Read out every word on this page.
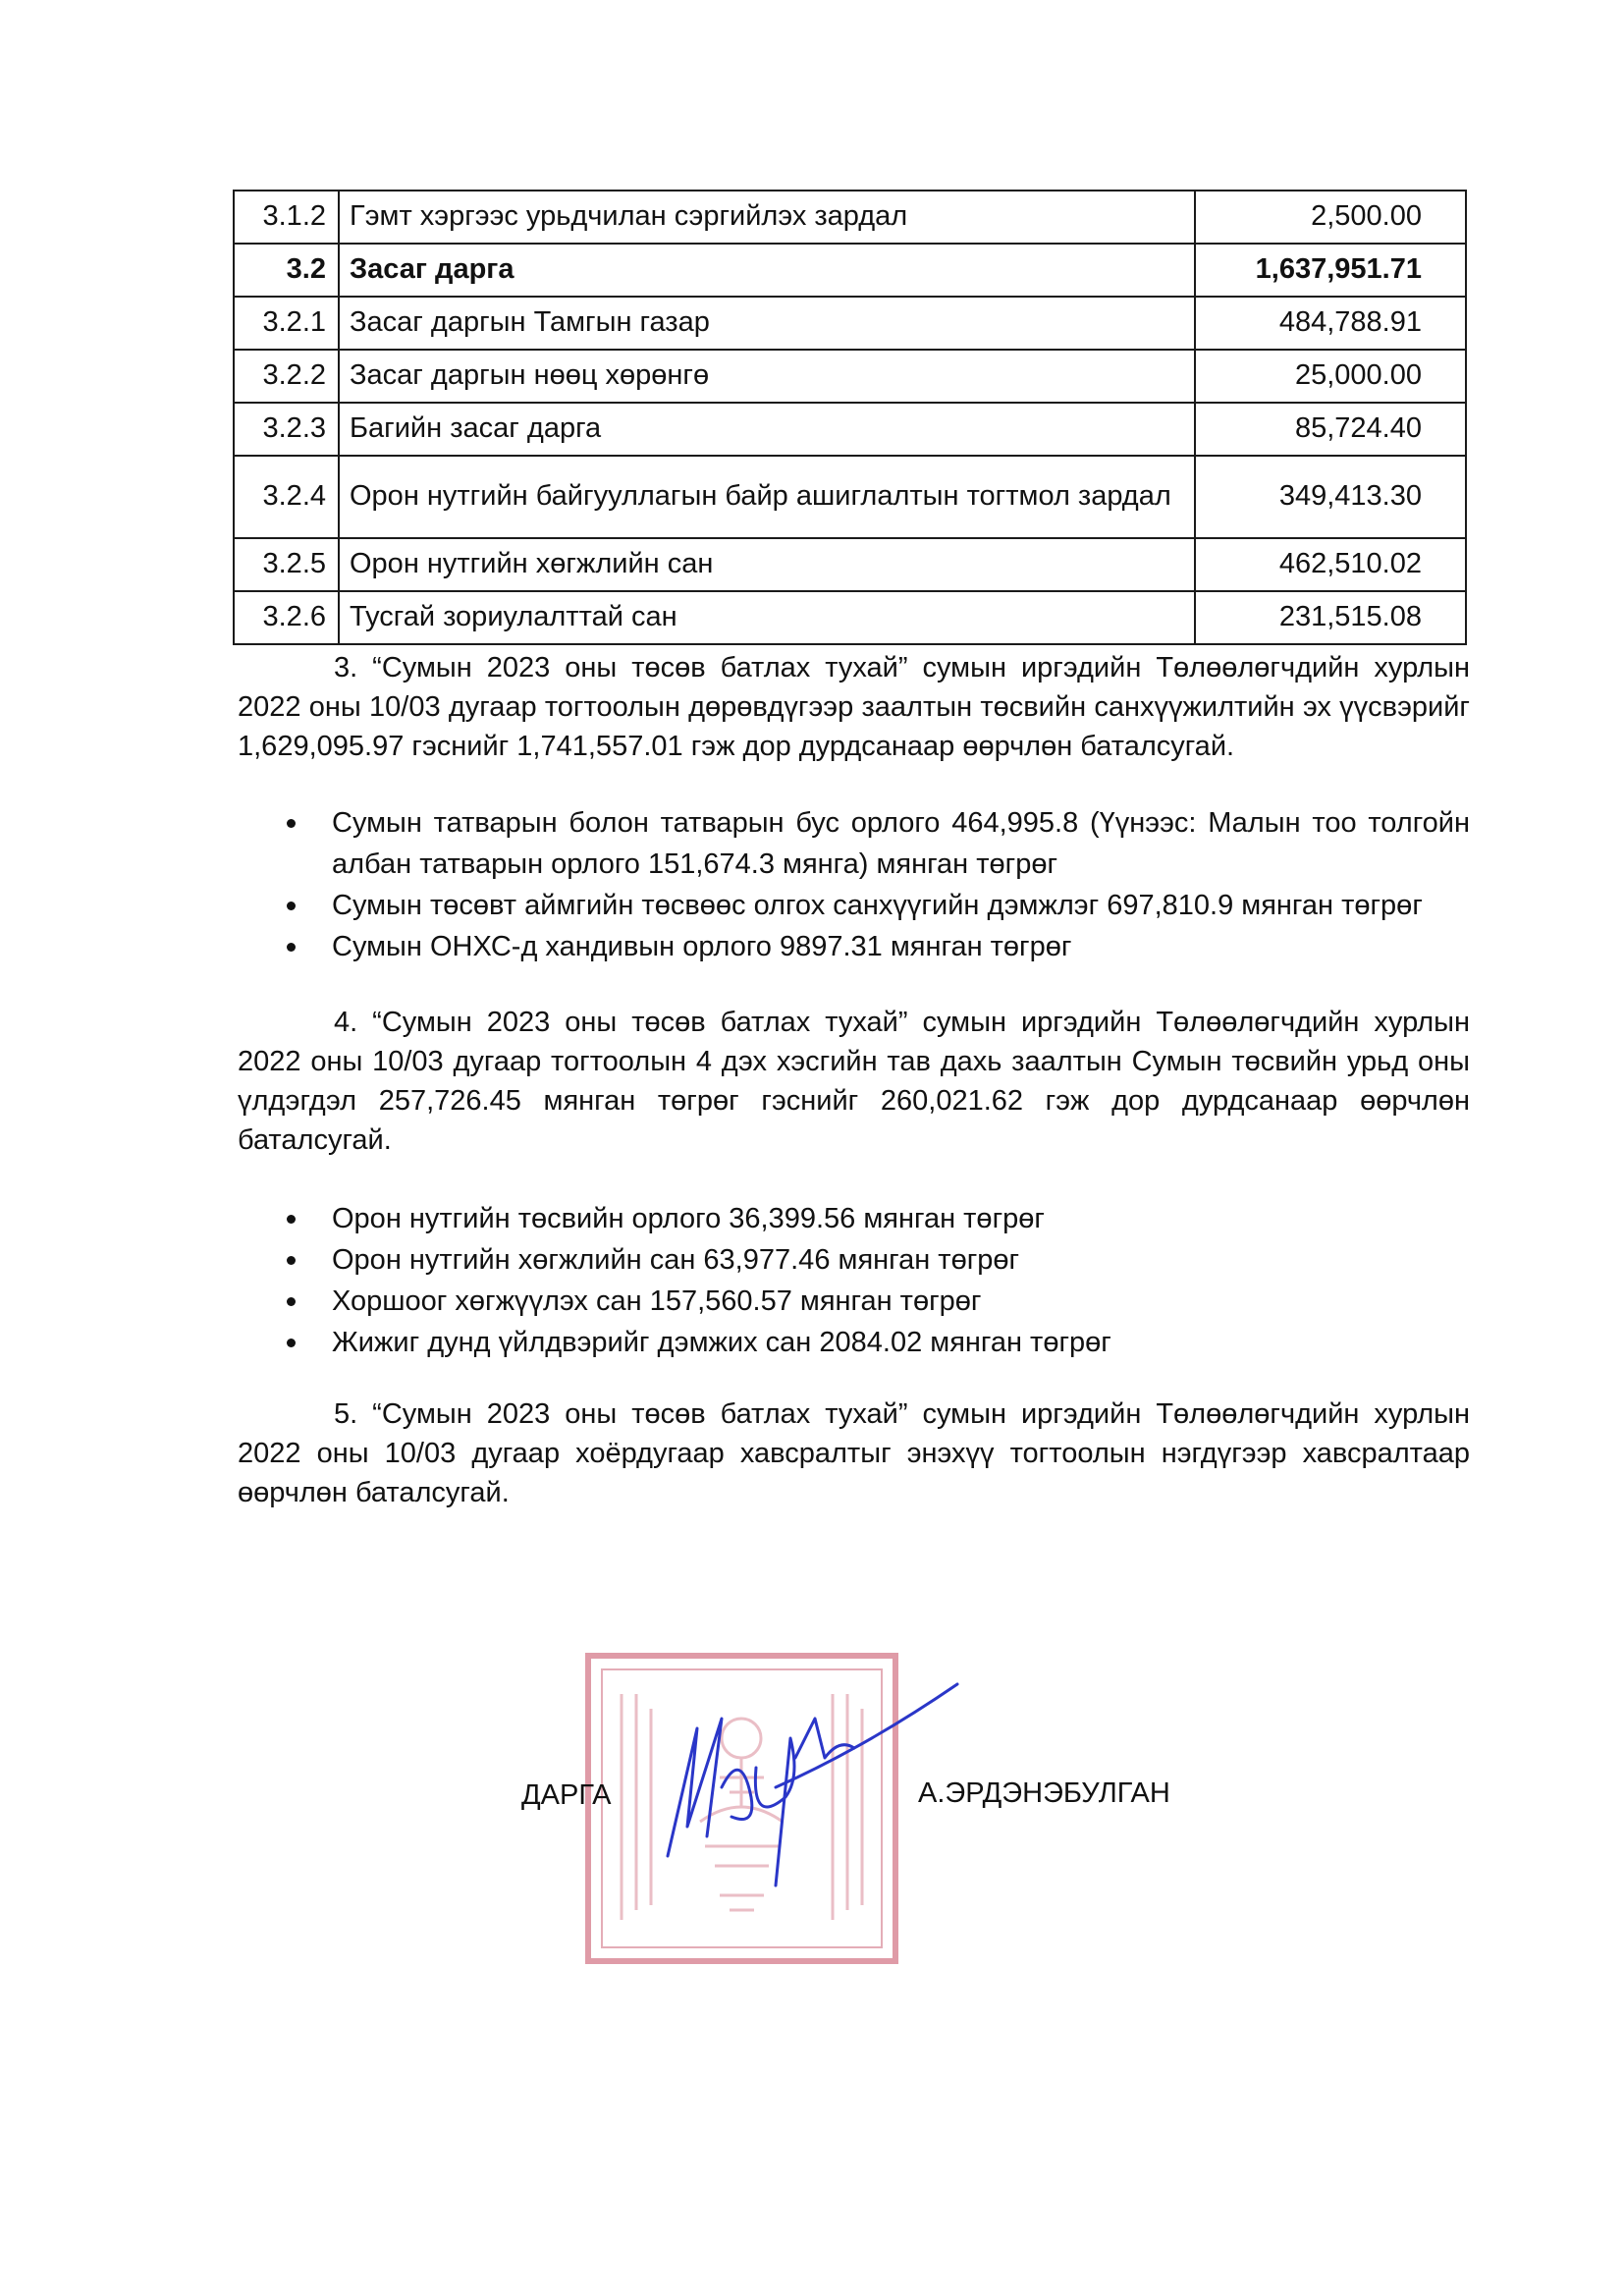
3.1.2	Гэмт хэргээс урьдчилан сэргийлэх зардал	2,500.00
3.2	Засаг дарга	1,637,951.71
3.2.1	Засаг даргын Тамгын газар	484,788.91
3.2.2	Засаг даргын нөөц хөрөнгө	25,000.00
3.2.3	Багийн засаг дарга	85,724.40
3.2.4	Орон нутгийн байгууллагын байр ашиглалтын тогтмол зардал	349,413.30
3.2.5	Орон нутгийн хөгжлийн сан	462,510.02
3.2.6	Тусгай зориулалттай сан	231,515.08

3. “Сумын 2023 оны төсөв батлах тухай” сумын иргэдийн Төлөөлөгчдийн хурлын 2022 оны 10/03 дугаар тогтоолын дөрөвдүгээр заалтын төсвийн санхүүжилтийн эх үүсвэрийг 1,629,095.97 гэснийг 1,741,557.01 гэж дор дурдсанаар өөрчлөн баталсугай.

Сумын татварын болон татварын бус орлого 464,995.8 (Үүнээс: Малын тоо толгойн албан татварын орлого 151,674.3 мянга) мянган төгрөг
Сумын төсөвт аймгийн төсвөөс олгох санхүүгийн дэмжлэг 697,810.9 мянган төгрөг
Сумын ОНХС-д хандивын орлого 9897.31 мянган төгрөг

4. “Сумын 2023 оны төсөв батлах тухай” сумын иргэдийн Төлөөлөгчдийн хурлын 2022 оны 10/03 дугаар тогтоолын 4 дэх хэсгийн тав дахь заалтын Сумын төсвийн урьд оны үлдэгдэл 257,726.45 мянган төгрөг гэснийг 260,021.62 гэж дор дурдсанаар өөрчлөн баталсугай.

Орон нутгийн төсвийн орлого 36,399.56 мянган төгрөг
Орон нутгийн хөгжлийн сан 63,977.46 мянган төгрөг
Хоршоог хөгжүүлэх сан 157,560.57 мянган төгрөг
Жижиг дунд үйлдвэрийг дэмжих сан 2084.02 мянган төгрөг

5. “Сумын 2023 оны төсөв батлах тухай” сумын иргэдийн Төлөөлөгчдийн хурлын 2022 оны 10/03 дугаар хоёрдугаар хавсралтыг энэхүү тогтоолын нэгдүгээр хавсралтаар өөрчлөн баталсугай.

ДАРГА	А.ЭРДЭНЭБУЛГАН
